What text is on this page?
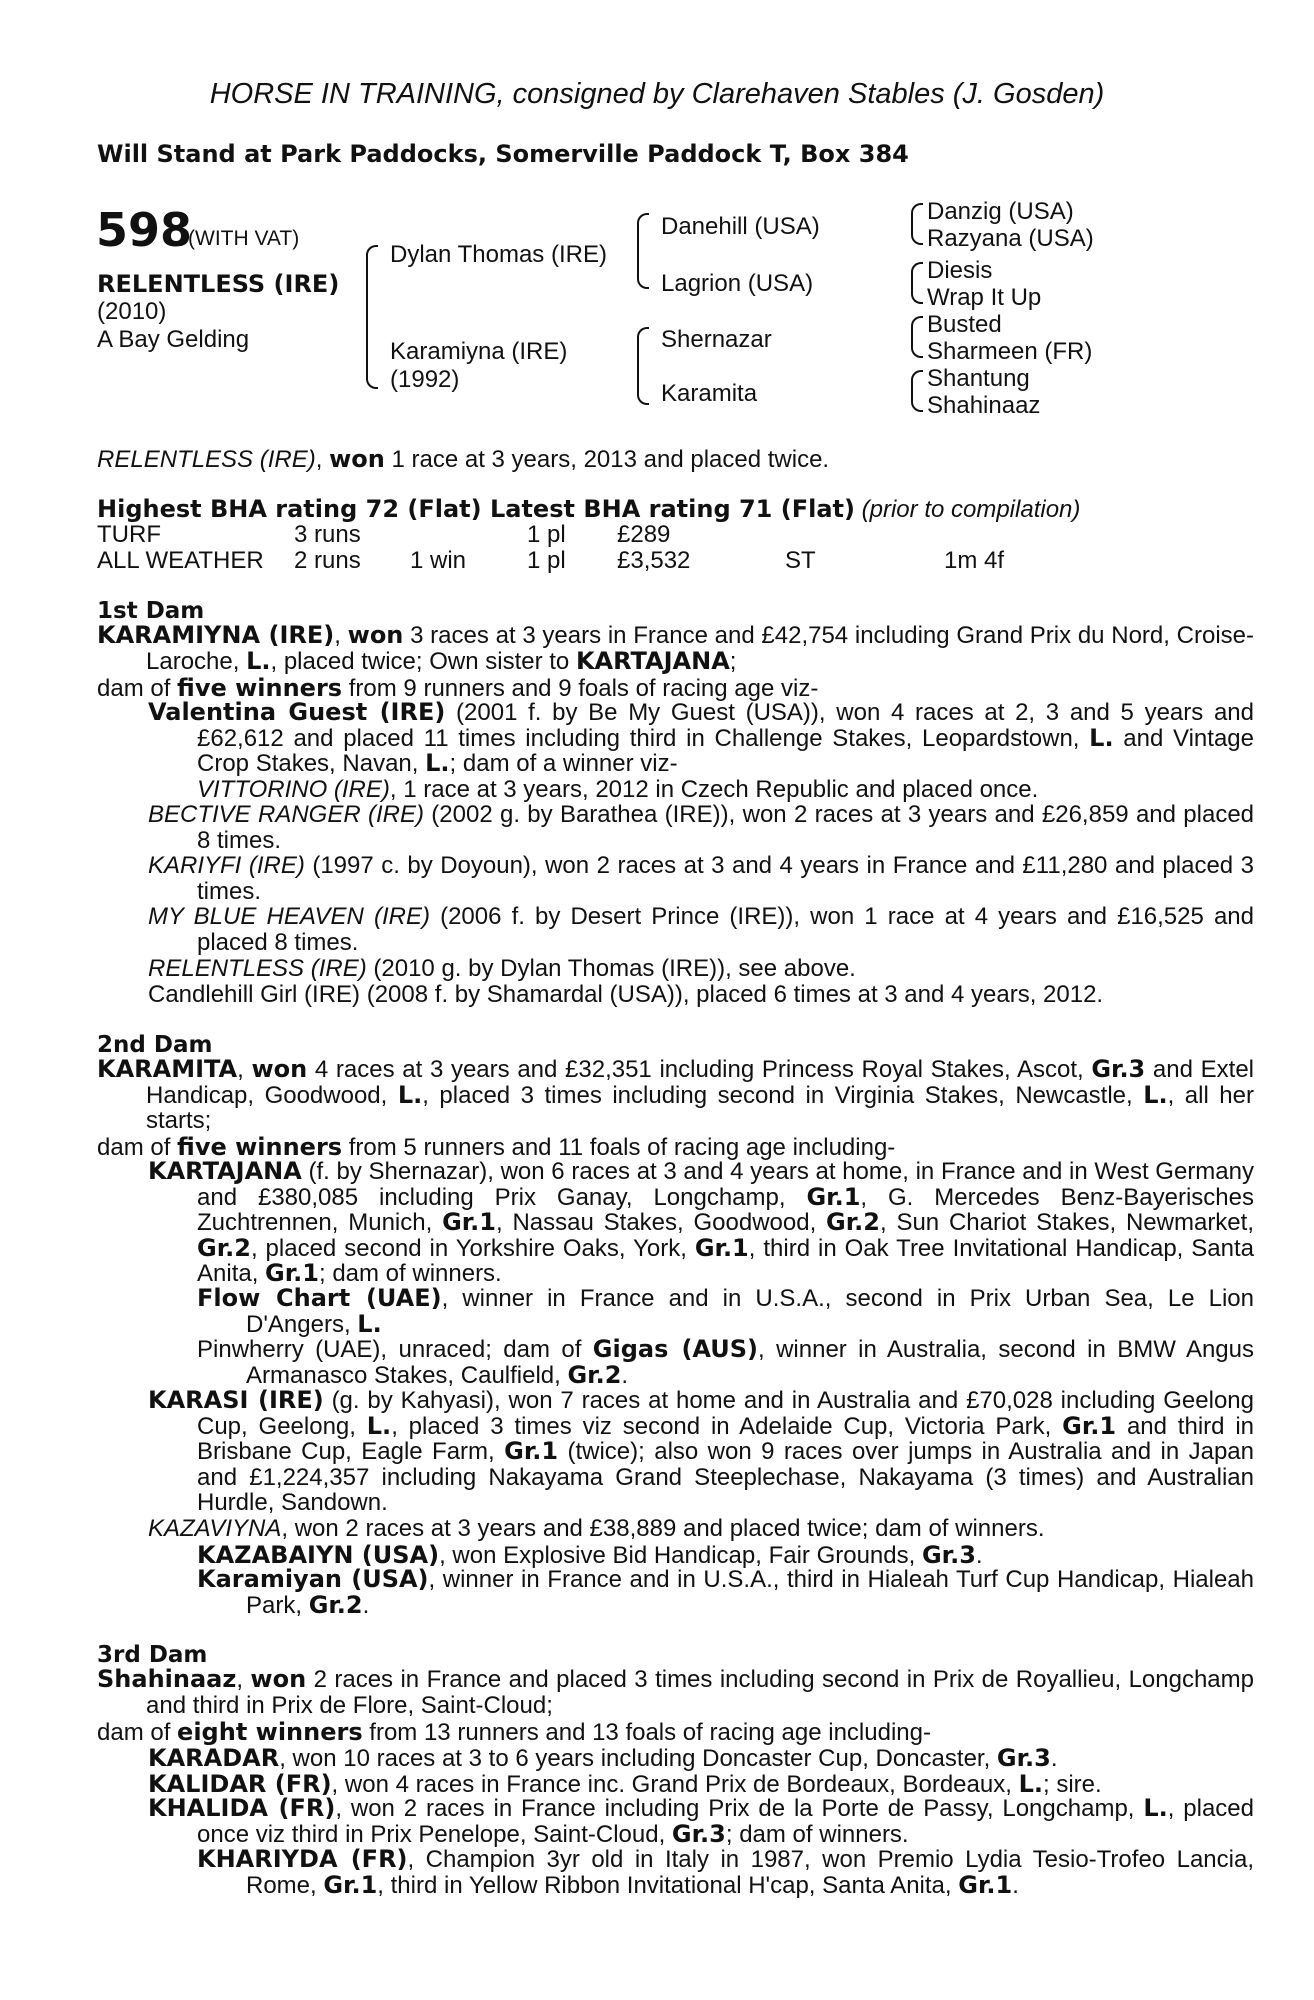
HORSE IN TRAINING, consigned by Clarehaven Stables (J. Gosden)
Will Stand at Park Paddocks, Somerville Paddock T, Box 384
598
(WITH VAT)
RELENTLESS (IRE)
(2010)
A Bay Gelding
Dylan Thomas (IRE)
Karamiyna (IRE)
(1992)
Danehill (USA)
Lagrion (USA)
Shernazar
Karamita
Danzig (USA)
Razyana (USA)
Diesis
Wrap It Up
Busted
Sharmeen (FR)
Shantung
Shahinaaz
RELENTLESS (IRE), won 1 race at 3 years, 2013 and placed twice.
Highest BHA rating 72 (Flat) Latest BHA rating 71 (Flat) (prior to compilation)
TURF	3 runs	1 pl £289
ALL WEATHER 2 runs 1 win	1 pl £3,532	ST	1m 4f
1st Dam
KARAMIYNA (IRE), won 3 races at 3 years in France and £42,754 including Grand Prix du Nord, Croise-Laroche, L., placed twice; Own sister to KARTAJANA;
dam of five winners from 9 runners and 9 foals of racing age viz-
Valentina Guest (IRE) (2001 f. by Be My Guest (USA)), won 4 races at 2, 3 and 5 years and £62,612 and placed 11 times including third in Challenge Stakes, Leopardstown, L. and Vintage Crop Stakes, Navan, L.; dam of a winner viz-
VITTORINO (IRE), 1 race at 3 years, 2012 in Czech Republic and placed once.
BECTIVE RANGER (IRE) (2002 g. by Barathea (IRE)), won 2 races at 3 years and £26,859 and placed 8 times.
KARIYFI (IRE) (1997 c. by Doyoun), won 2 races at 3 and 4 years in France and £11,280 and placed 3 times.
MY BLUE HEAVEN (IRE) (2006 f. by Desert Prince (IRE)), won 1 race at 4 years and £16,525 and placed 8 times.
RELENTLESS (IRE) (2010 g. by Dylan Thomas (IRE)), see above.
Candlehill Girl (IRE) (2008 f. by Shamardal (USA)), placed 6 times at 3 and 4 years, 2012.
2nd Dam
KARAMITA, won 4 races at 3 years and £32,351 including Princess Royal Stakes, Ascot, Gr.3 and Extel Handicap, Goodwood, L., placed 3 times including second in Virginia Stakes, Newcastle, L., all her starts;
dam of five winners from 5 runners and 11 foals of racing age including-
KARTAJANA (f. by Shernazar), won 6 races at 3 and 4 years at home, in France and in West Germany and £380,085 including Prix Ganay, Longchamp, Gr.1, G. Mercedes Benz-Bayerisches Zuchtrennen, Munich, Gr.1, Nassau Stakes, Goodwood, Gr.2, Sun Chariot Stakes, Newmarket, Gr.2, placed second in Yorkshire Oaks, York, Gr.1, third in Oak Tree Invitational Handicap, Santa Anita, Gr.1; dam of winners.
Flow Chart (UAE), winner in France and in U.S.A., second in Prix Urban Sea, Le Lion D'Angers, L.
Pinwherry (UAE), unraced; dam of Gigas (AUS), winner in Australia, second in BMW Angus Armanasco Stakes, Caulfield, Gr.2.
KARASI (IRE) (g. by Kahyasi), won 7 races at home and in Australia and £70,028 including Geelong Cup, Geelong, L., placed 3 times viz second in Adelaide Cup, Victoria Park, Gr.1 and third in Brisbane Cup, Eagle Farm, Gr.1 (twice); also won 9 races over jumps in Australia and in Japan and £1,224,357 including Nakayama Grand Steeplechase, Nakayama (3 times) and Australian Hurdle, Sandown.
KAZAVIYNA, won 2 races at 3 years and £38,889 and placed twice; dam of winners.
KAZABAIYN (USA), won Explosive Bid Handicap, Fair Grounds, Gr.3.
Karamiyan (USA), winner in France and in U.S.A., third in Hialeah Turf Cup Handicap, Hialeah Park, Gr.2.
3rd Dam
Shahinaaz, won 2 races in France and placed 3 times including second in Prix de Royallieu, Longchamp and third in Prix de Flore, Saint-Cloud;
dam of eight winners from 13 runners and 13 foals of racing age including-
KARADAR, won 10 races at 3 to 6 years including Doncaster Cup, Doncaster, Gr.3.
KALIDAR (FR), won 4 races in France inc. Grand Prix de Bordeaux, Bordeaux, L.; sire.
KHALIDA (FR), won 2 races in France including Prix de la Porte de Passy, Longchamp, L., placed once viz third in Prix Penelope, Saint-Cloud, Gr.3; dam of winners.
KHARIYDA (FR), Champion 3yr old in Italy in 1987, won Premio Lydia Tesio-Trofeo Lancia, Rome, Gr.1, third in Yellow Ribbon Invitational H'cap, Santa Anita, Gr.1.
